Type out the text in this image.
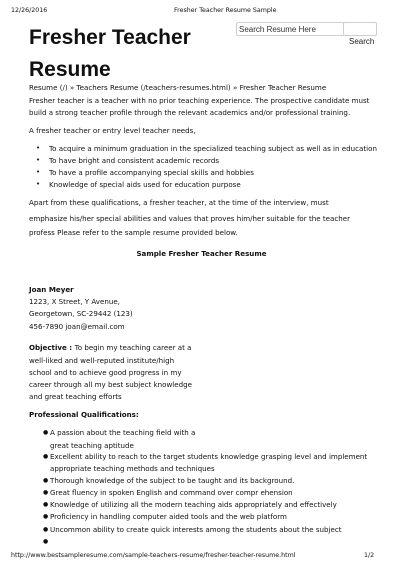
12/26/2016	Fresher Teacher Resume Sample
Fresher Teacher
Resume
Search Resume Here
Search
Resume (/) » Teachers Resume (/teachers-resumes.html) » Fresher Teacher Resume
Fresher teacher is a teacher with no prior teaching experience. The prospective candidate must
build a strong teacher profile through the relevant academics and/or professional training.
A fresher teacher or entry level teacher needs,
• To acquire a minimum graduation in the specialized teaching subject as well as in education
• To have bright and consistent academic records
• To have a profile accompanying special skills and hobbies
• Knowledge of special aids used for education purpose
Apart from these qualifications, a fresher teacher, at the time of the interview, must
emphasize his/her special abilities and values that proves him/her suitable for the teacher
profess Please refer to the sample resume provided below.
Sample Fresher Teacher Resume
Joan Meyer
1223, X Street, Y Avenue,
Georgetown, SC-29442 (123)
456-7890 joan@email.com
Objective : To begin my teaching career at a
well-liked and well-reputed institute/high
school and to achieve good progress in my
career through all my best subject knowledge
and great teaching efforts
Professional Qualifications:
● A passion about the teaching field with a
great teaching aptitude
● Excellent ability to reach to the target students knowledge grasping level and implement
appropriate teaching methods and techniques
● Thorough knowledge of the subject to be taught and its background.
● Great fluency in spoken English and command over compr ehension
● Knowledge of utilizing all the modern teaching aids appropriately and effectively
● Proficiency in handling computer aided tools and the web platform
● Uncommon ability to create quick interests among the students about the subject
●
http://www.bestsampleresume.com/sample-teachers-resume/fresher-teacher-resume.html	1/2
